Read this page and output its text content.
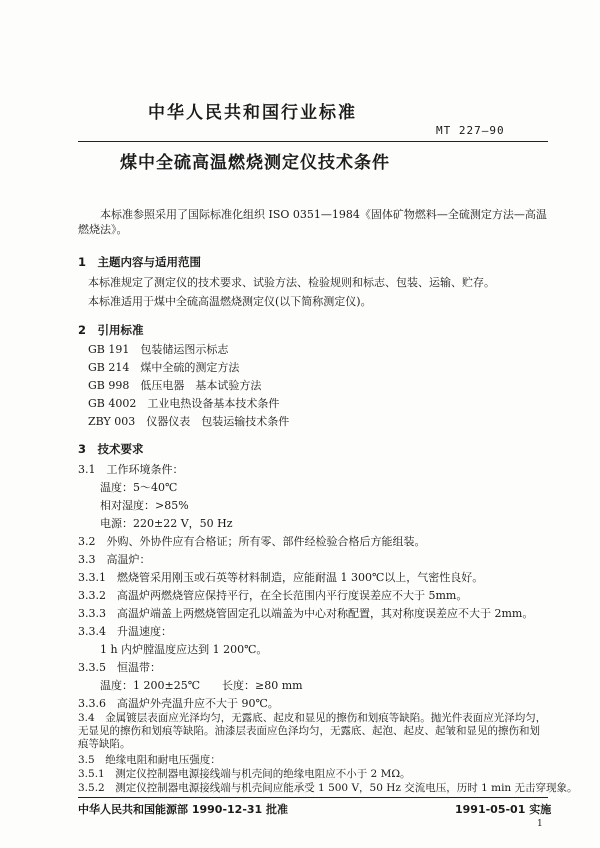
中华人民共和国行业标准
MT 227—90
煤中全硫高温燃烧测定仪技术条件
本标准参照采用了国际标准化组织 ISO 0351—1984《固体矿物燃料—全硫测定方法—高温燃烧法》。
1　主题内容与适用范围
本标准规定了测定仪的技术要求、试验方法、检验规则和标志、包装、运输、贮存。
本标准适用于煤中全硫高温燃烧测定仪(以下简称测定仪)。
2　引用标准
GB 191　包装储运图示标志
GB 214　煤中全硫的测定方法
GB 998　低压电器　基本试验方法
GB 4002　工业电热设备基本技术条件
ZBY 003　仪器仪表　包装运输技术条件
3　技术要求
3.1　工作环境条件：
温度：5～40℃
相对湿度：>85%
电源：220±22 V，50 Hz
3.2　外购、外协件应有合格证；所有零、部件经检验合格后方能组装。
3.3　高温炉：
3.3.1　燃烧管采用刚玉或石英等材料制造，应能耐温 1 300℃以上，气密性良好。
3.3.2　高温炉两燃烧管应保持平行，在全长范围内平行度误差应不大于 5mm。
3.3.3　高温炉端盖上两燃烧管固定孔以端盖为中心对称配置，其对称度误差应不大于 2mm。
3.3.4　升温速度：
1 h 内炉膛温度应达到 1 200℃。
3.3.5　恒温带：
温度：1 200±25℃　　长度：≥80 mm
3.3.6　高温炉外壳温升应不大于 90℃。
3.4　金属镀层表面应光泽均匀，无露底、起皮和显见的擦伤和划痕等缺陷。抛光件表面应光泽均匀，无显见的擦伤和划痕等缺陷。油漆层表面应色泽均匀，无露底、起泡、起皮、起皱和显见的擦伤和划痕等缺陷。
3.5　绝缘电阻和耐电压强度：
3.5.1　测定仪控制器电源接线端与机壳间的绝缘电阻应不小于 2 MΩ。
3.5.2　测定仪控制器电源接线端与机壳间应能承受 1 500 V，50 Hz 交流电压，历时 1 min 无击穿现象。
中华人民共和国能源部 1990-12-31 批准	1991-05-01 实施
1
